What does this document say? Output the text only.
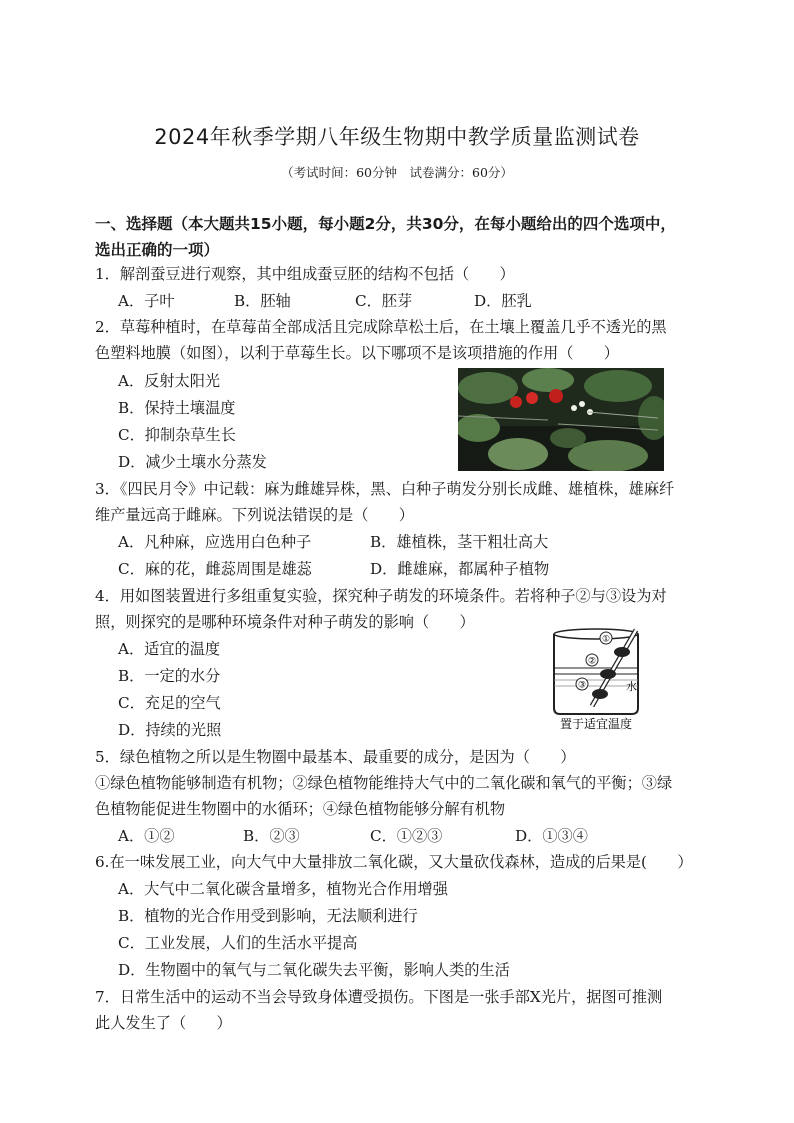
2024年秋季学期八年级生物期中教学质量监测试卷
（考试时间：60分钟　试卷满分：60分）
一、选择题（本大题共15小题，每小题2分，共30分，在每小题给出的四个选项中，
选出正确的一项）
1．解剖蚕豆进行观察，其中组成蚕豆胚的结构不包括（　　）
A．子叶	B．胚轴	C．胚芽	D．胚乳
2．草莓种植时，在草莓苗全部成活且完成除草松土后，在土壤上覆盖几乎不透光的黑
色塑料地膜（如图），以利于草莓生长。以下哪项不是该项措施的作用（　　）
A．反射太阳光
B．保持土壤温度
C．抑制杂草生长
D．减少土壤水分蒸发
3．《四民月令》中记载：麻为雌雄异株，黑、白种子萌发分别长成雌、雄植株，雄麻纤
维产量远高于雌麻。下列说法错误的是（　　）
A．凡种麻，应选用白色种子	B．雄植株，茎干粗壮高大
C．麻的花，雌蕊周围是雄蕊	D．雌雄麻，都属种子植物
4．用如图装置进行多组重复实验，探究种子萌发的环境条件。若将种子②与③设为对
照，则探究的是哪种环境条件对种子萌发的影响（　　）
A．适宜的温度
B．一定的水分
C．充足的空气
D．持续的光照
①
②
③	水
置于适宜温度
5．绿色植物之所以是生物圈中最基本、最重要的成分，是因为（　　）
①绿色植物能够制造有机物；②绿色植物能维持大气中的二氧化碳和氧气的平衡；③绿
色植物能促进生物圈中的水循环；④绿色植物能够分解有机物
A．①②	B．②③	C．①②③	D．①③④
6.在一味发展工业，向大气中大量排放二氧化碳，又大量砍伐森林，造成的后果是(　　）
A．大气中二氧化碳含量增多，植物光合作用增强
B．植物的光合作用受到影响，无法顺利进行
C．工业发展，人们的生活水平提高
D．生物圈中的氧气与二氧化碳失去平衡，影响人类的生活
7．日常生活中的运动不当会导致身体遭受损伤。下图是一张手部X光片，据图可推测
此人发生了（　　）
